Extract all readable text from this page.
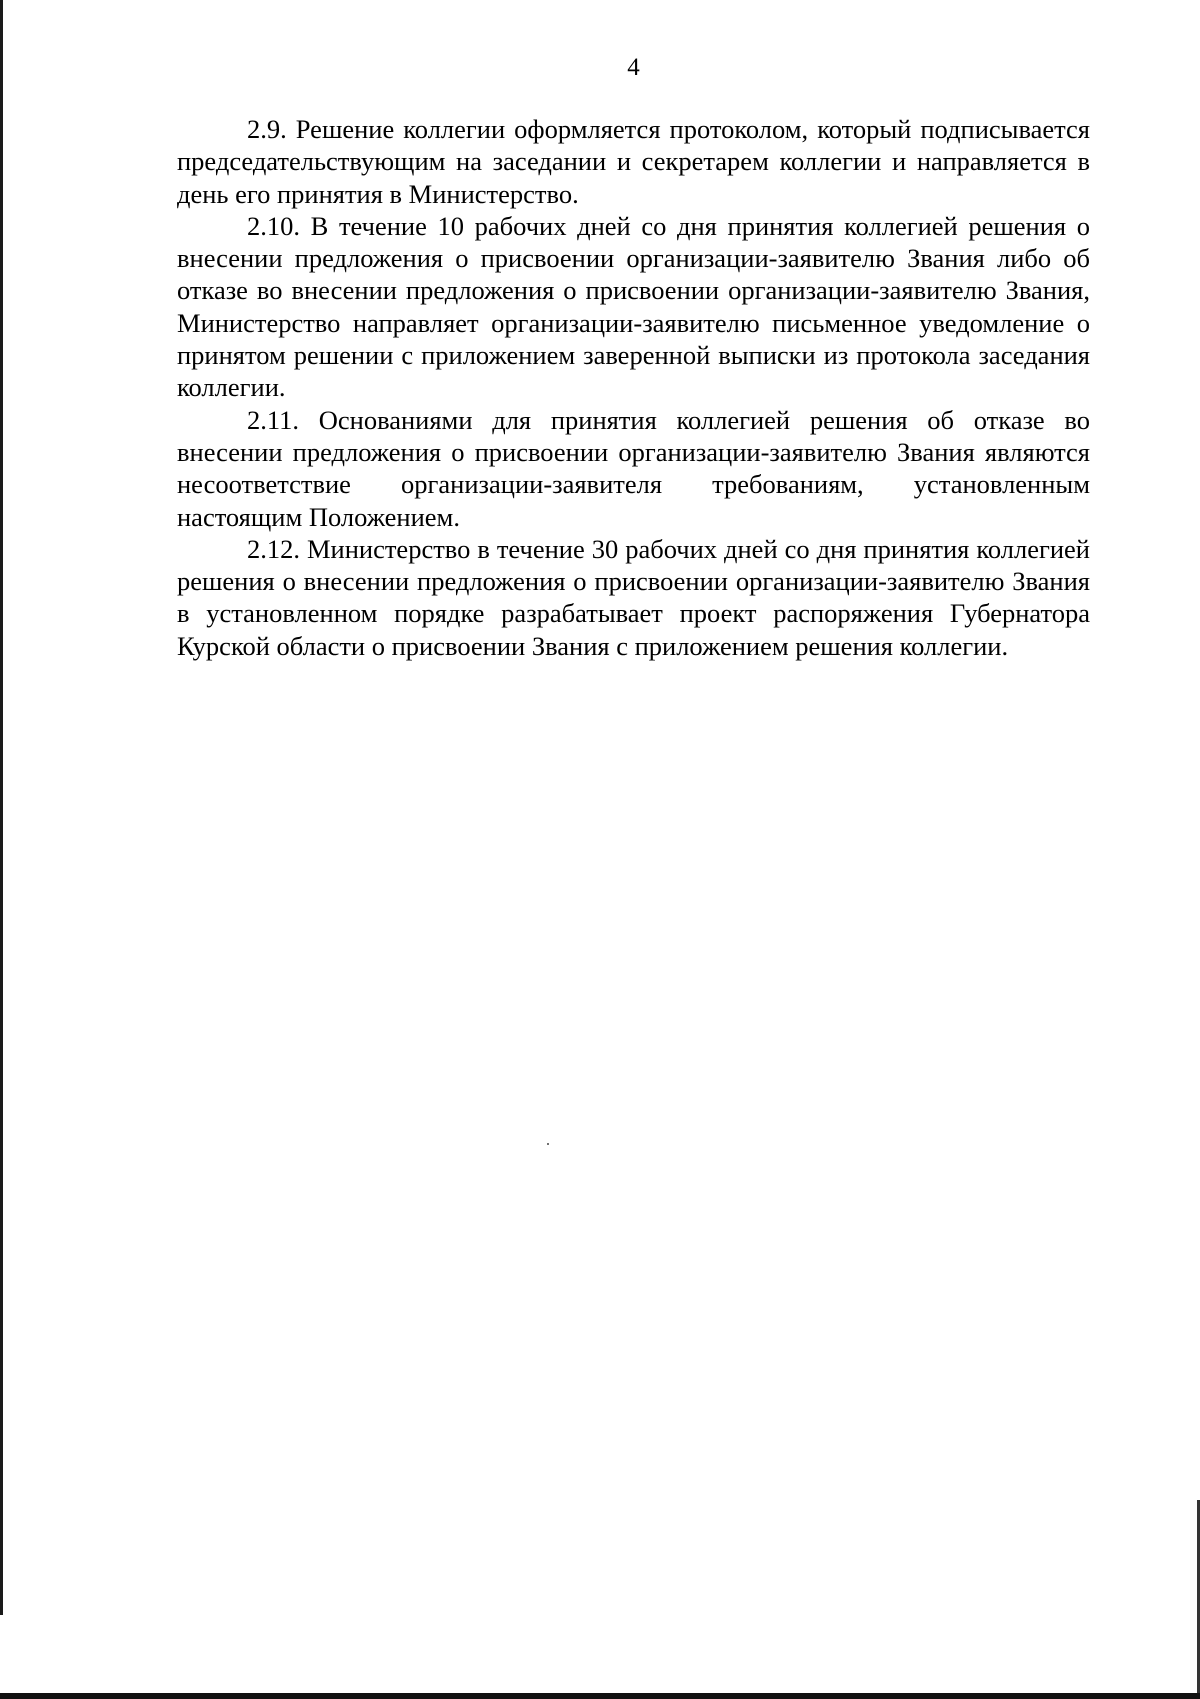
4

2.9. Решение коллегии оформляется протоколом, который подписывается председательствующим на заседании и секретарем коллегии и направляется в день его принятия в Министерство.

2.10. В течение 10 рабочих дней со дня принятия коллегией решения о внесении предложения о присвоении организации-заявителю Звания либо об отказе во внесении предложения о присвоении организации-заявителю Звания, Министерство направляет организации-заявителю письменное уведомление о принятом решении с приложением заверенной выписки из протокола заседания коллегии.

2.11. Основаниями для принятия коллегией решения об отказе во внесении предложения о присвоении организации-заявителю Звания являются несоответствие организации-заявителя требованиям, установленным настоящим Положением.

2.12. Министерство в течение 30 рабочих дней со дня принятия коллегией решения о внесении предложения о присвоении организации-заявителю Звания в установленном порядке разрабатывает проект распоряжения Губернатора Курской области о присвоении Звания с приложением решения коллегии.
